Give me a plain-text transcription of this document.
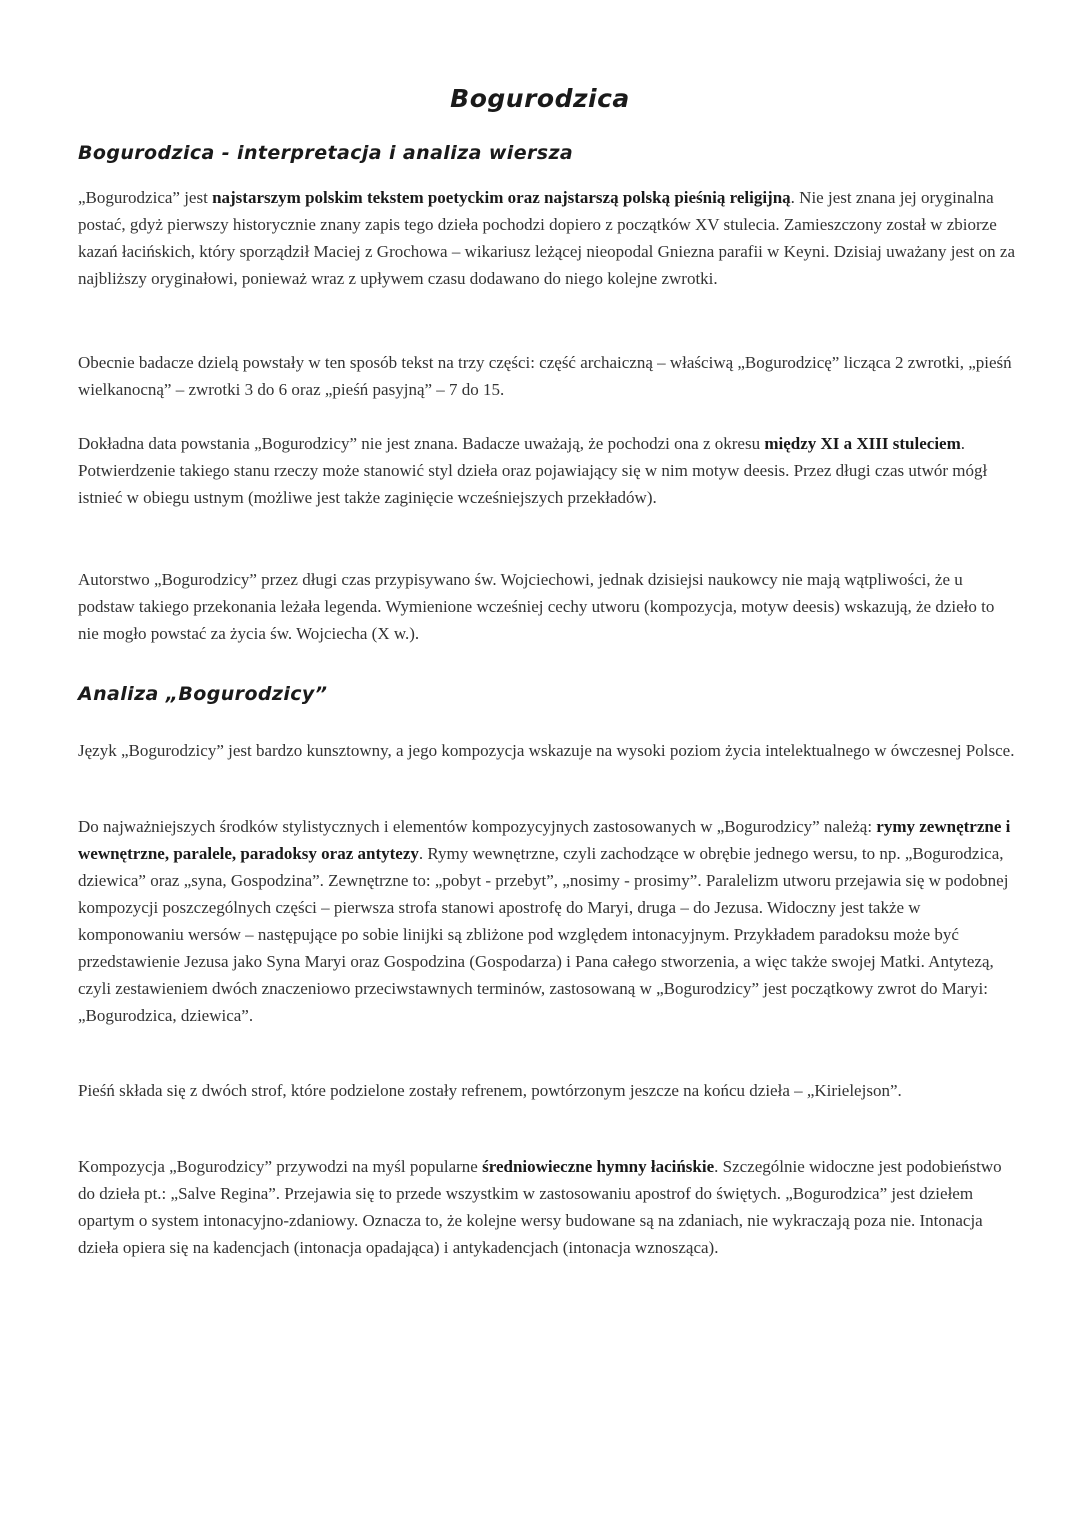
Bogurodzica
Bogurodzica - interpretacja i analiza wiersza

„Bogurodzica” jest najstarszym polskim tekstem poetyckim oraz najstarszą polską pieśnią religijną. Nie jest znana jej oryginalna postać, gdyż pierwszy historycznie znany zapis tego dzieła pochodzi dopiero z początków XV stulecia. Zamieszczony został w zbiorze kazań łacińskich, który sporządził Maciej z Grochowa – wikariusz leżącej nieopodal Gniezna parafii w Keyni. Dzisiaj uważany jest on za najbliższy oryginałowi, ponieważ wraz z upływem czasu dodawano do niego kolejne zwrotki.

Obecnie badacze dzielą powstały w ten sposób tekst na trzy części: część archaiczną – właściwą „Bogurodzicę” licząca 2 zwrotki, „pieśń wielkanocną” – zwrotki 3 do 6 oraz „pieśń pasyjną” – 7 do 15.

Dokładna data powstania „Bogurodzicy” nie jest znana. Badacze uważają, że pochodzi ona z okresu między XI a XIII stuleciem. Potwierdzenie takiego stanu rzeczy może stanowić styl dzieła oraz pojawiający się w nim motyw deesis. Przez długi czas utwór mógł istnieć w obiegu ustnym (możliwe jest także zaginięcie wcześniejszych przekładów).

Autorstwo „Bogurodzicy” przez długi czas przypisywano św. Wojciechowi, jednak dzisiejsi naukowcy nie mają wątpliwości, że u podstaw takiego przekonania leżała legenda. Wymienione wcześniej cechy utworu (kompozycja, motyw deesis) wskazują, że dzieło to nie mogło powstać za życia św. Wojciecha (X w.).

Analiza „Bogurodzicy”

Język „Bogurodzicy” jest bardzo kunsztowny, a jego kompozycja wskazuje na wysoki poziom życia intelektualnego w ówczesnej Polsce.

Do najważniejszych środków stylistycznych i elementów kompozycyjnych zastosowanych w „Bogurodzicy” należą: rymy zewnętrzne i wewnętrzne, paralele, paradoksy oraz antytezy. Rymy wewnętrzne, czyli zachodzące w obrębie jednego wersu, to np. „Bogurodzica, dziewica” oraz „syna, Gospodzina”. Zewnętrzne to: „pobyt - przebyt”, „nosimy - prosimy”. Paralelizm utworu przejawia się w podobnej kompozycji poszczególnych części – pierwsza strofa stanowi apostrofę do Maryi, druga – do Jezusa. Widoczny jest także w komponowaniu wersów – następujące po sobie linijki są zbliżone pod względem intonacyjnym. Przykładem paradoksu może być przedstawienie Jezusa jako Syna Maryi oraz Gospodzina (Gospodarza) i Pana całego stworzenia, a więc także swojej Matki. Antytezą, czyli zestawieniem dwóch znaczeniowo przeciwstawnych terminów, zastosowaną w „Bogurodzicy” jest początkowy zwrot do Maryi: „Bogurodzica, dziewica”.

Pieśń składa się z dwóch strof, które podzielone zostały refrenem, powtórzonym jeszcze na końcu dzieła – „Kirielejson”.

Kompozycja „Bogurodzicy” przywodzi na myśl popularne średniowieczne hymny łacińskie. Szczególnie widoczne jest podobieństwo do dzieła pt.: „Salve Regina”. Przejawia się to przede wszystkim w zastosowaniu apostrof do świętych. „Bogurodzica” jest dziełem opartym o system intonacyjno-zdaniowy. Oznacza to, że kolejne wersy budowane są na zdaniach, nie wykraczają poza nie. Intonacja dzieła opiera się na kadencjach (intonacja opadająca) i antykadencjach (intonacja wznosząca).
